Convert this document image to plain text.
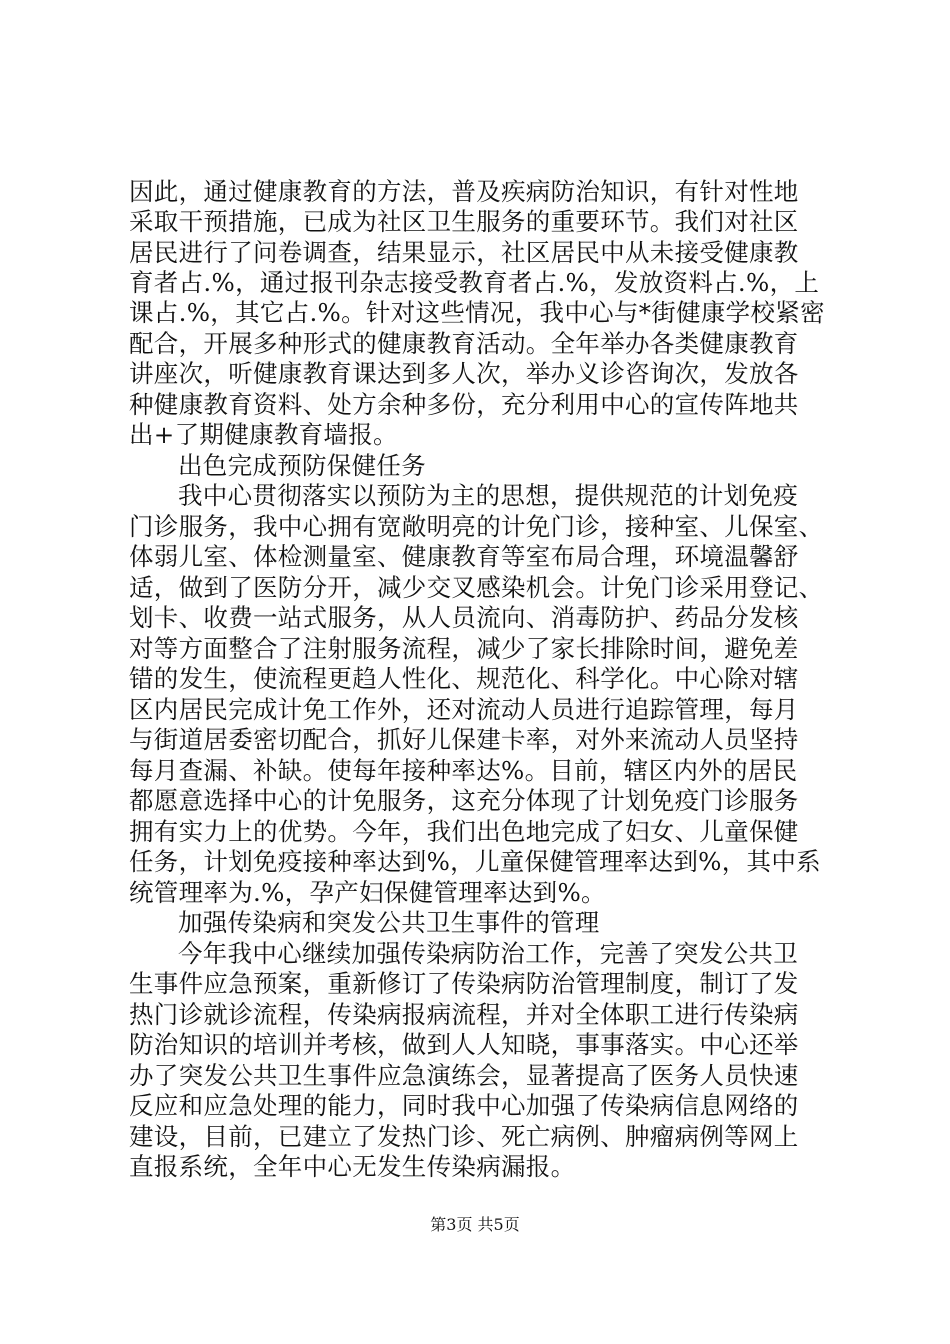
因此，通过健康教育的方法，普及疾病防治知识，有针对性地
采取干预措施，已成为社区卫生服务的重要环节。我们对社区
居民进行了问卷调查，结果显示，社区居民中从未接受健康教
育者占.%，通过报刊杂志接受教育者占.%，发放资料占.%，上
课占.%，其它占.%。针对这些情况，我中心与*街健康学校紧密
配合，开展多种形式的健康教育活动。全年举办各类健康教育
讲座次，听健康教育课达到多人次，举办义诊咨询次，发放各
种健康教育资料、处方余种多份，充分利用中心的宣传阵地共
出+了期健康教育墙报。
出色完成预防保健任务
我中心贯彻落实以预防为主的思想，提供规范的计划免疫
门诊服务，我中心拥有宽敞明亮的计免门诊，接种室、儿保室、
体弱儿室、体检测量室、健康教育等室布局合理，环境温馨舒
适，做到了医防分开，减少交叉感染机会。计免门诊采用登记、
划卡、收费一站式服务，从人员流向、消毒防护、药品分发核
对等方面整合了注射服务流程，减少了家长排除时间，避免差
错的发生，使流程更趋人性化、规范化、科学化。中心除对辖
区内居民完成计免工作外，还对流动人员进行追踪管理，每月
与街道居委密切配合，抓好儿保建卡率，对外来流动人员坚持
每月查漏、补缺。使每年接种率达%。目前，辖区内外的居民
都愿意选择中心的计免服务，这充分体现了计划免疫门诊服务
拥有实力上的优势。今年，我们出色地完成了妇女、儿童保健
任务，计划免疫接种率达到%，儿童保健管理率达到%，其中系
统管理率为.%，孕产妇保健管理率达到%。
加强传染病和突发公共卫生事件的管理
今年我中心继续加强传染病防治工作，完善了突发公共卫
生事件应急预案，重新修订了传染病防治管理制度，制订了发
热门诊就诊流程，传染病报病流程，并对全体职工进行传染病
防治知识的培训并考核，做到人人知晓，事事落实。中心还举
办了突发公共卫生事件应急演练会，显著提高了医务人员快速
反应和应急处理的能力，同时我中心加强了传染病信息网络的
建设，目前，已建立了发热门诊、死亡病例、肿瘤病例等网上
直报系统，全年中心无发生传染病漏报。
第3页 共5页
